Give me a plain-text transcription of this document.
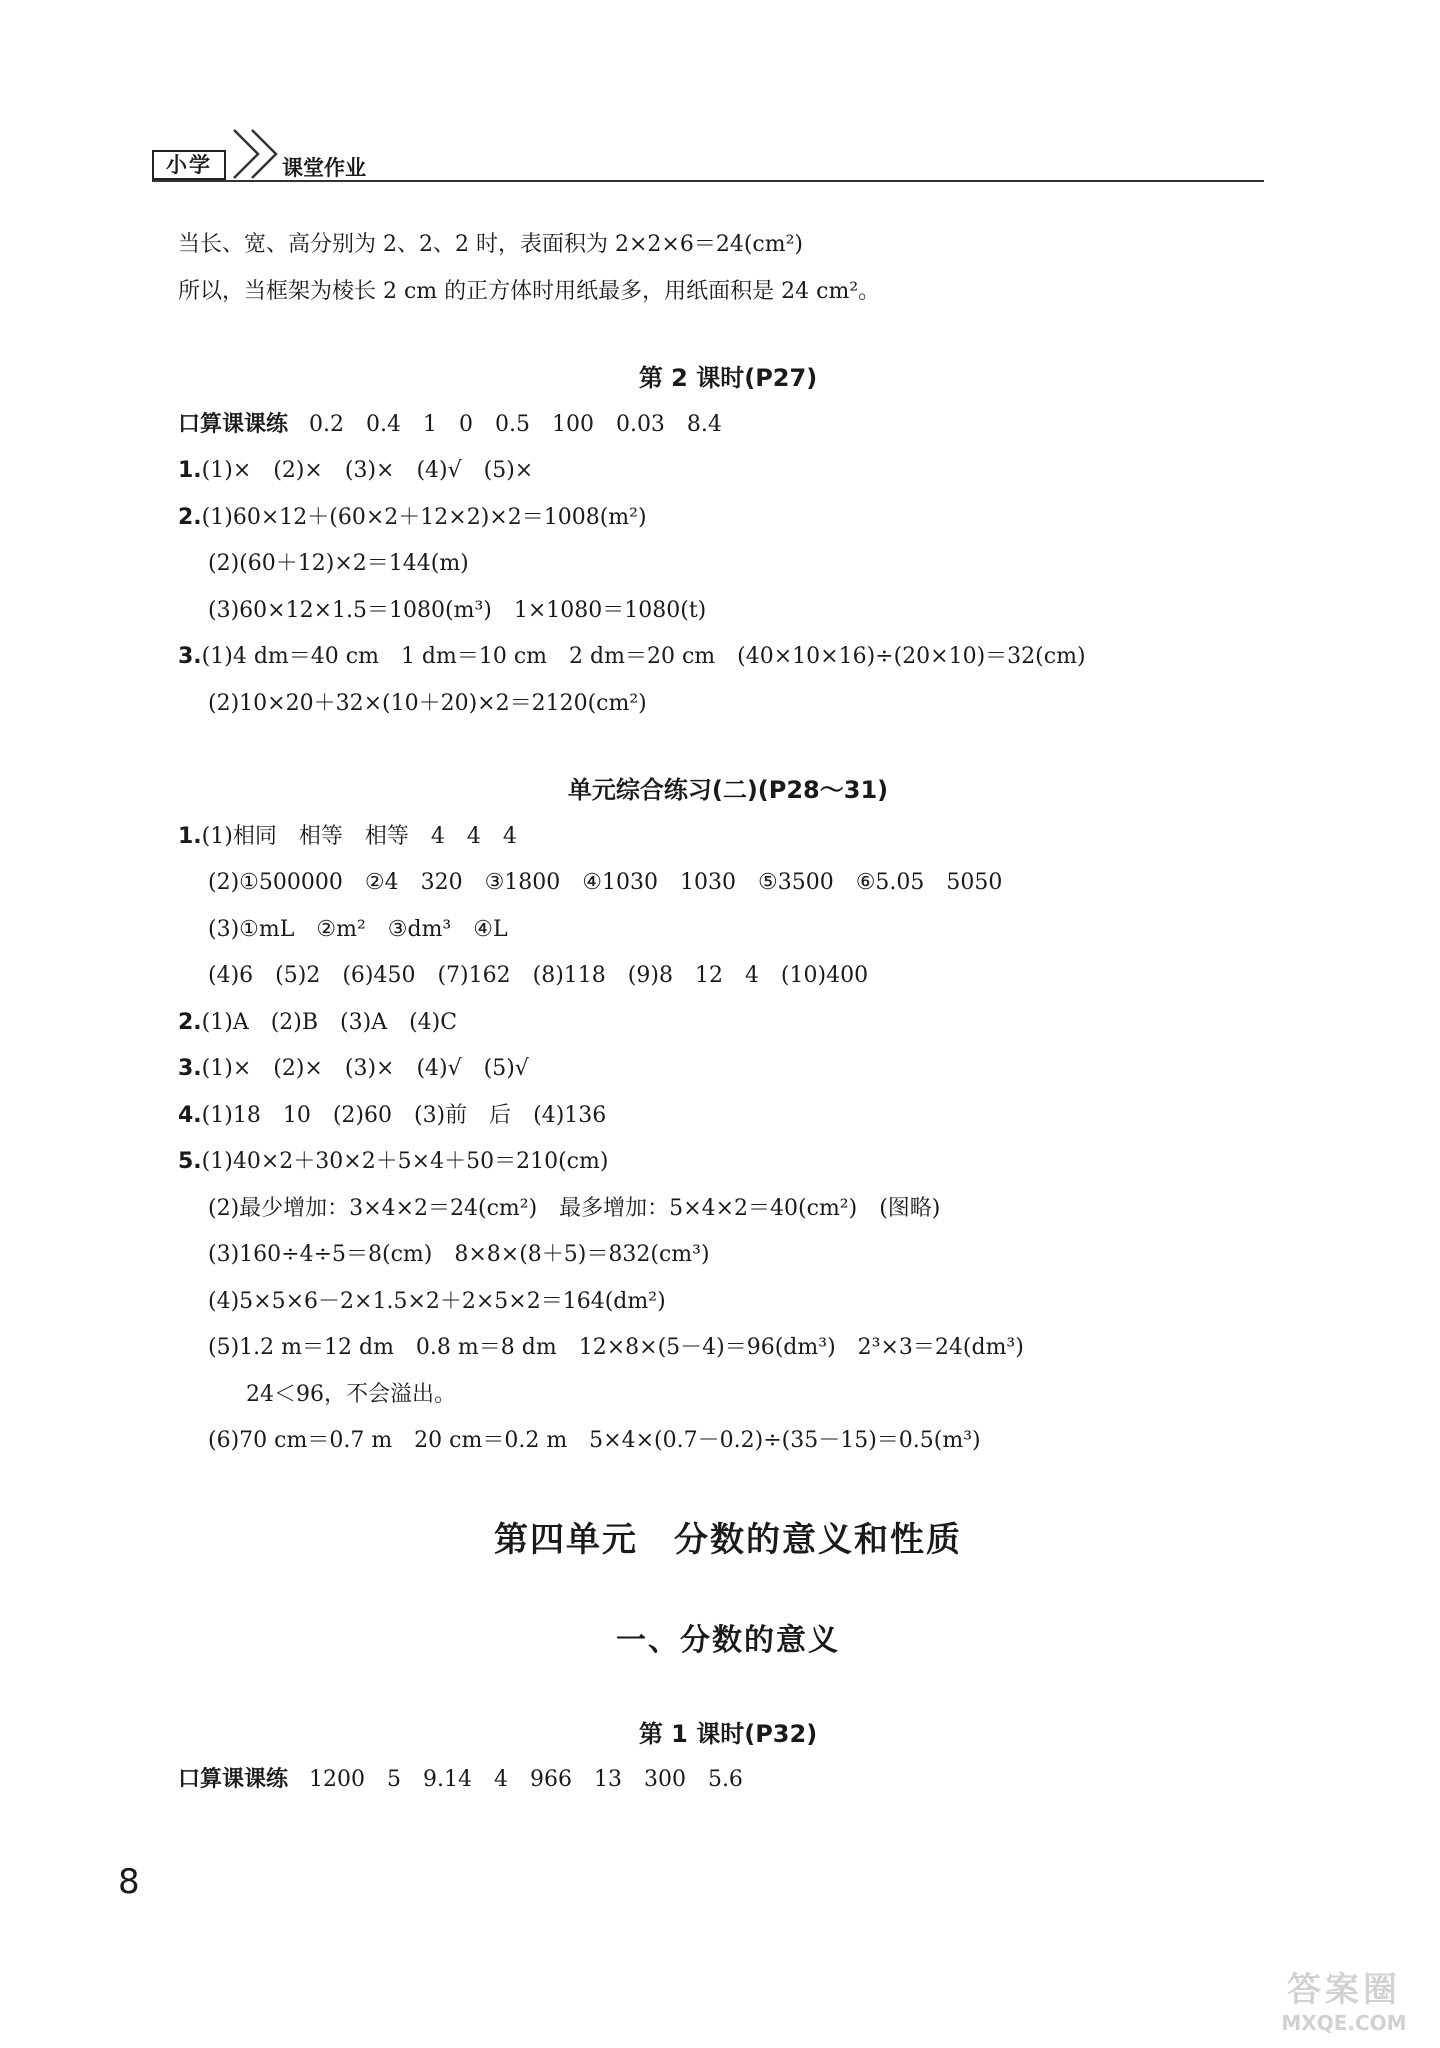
小学	课堂作业
当长、宽、高分别为 2、2、2 时，表面积为 2×2×6＝24(cm²)
所以，当框架为棱长 2 cm 的正方体时用纸最多，用纸面积是 24 cm²。
第 2 课时(P27)
口算课课练 0.2　0.4　1　0　0.5　100　0.03　8.4
1.(1)×　(2)×　(3)×　(4)√　(5)×
2.(1)60×12＋(60×2＋12×2)×2＝1008(m²)
(2)(60＋12)×2＝144(m)
(3)60×12×1.5＝1080(m³)　1×1080＝1080(t)
3.(1)4 dm＝40 cm　1 dm＝10 cm　2 dm＝20 cm　(40×10×16)÷(20×10)＝32(cm)
(2)10×20＋32×(10＋20)×2＝2120(cm²)
单元综合练习(二)(P28～31)
1.(1)相同　相等　相等　4　4　4
(2)①500000　②4　320　③1800　④1030　1030　⑤3500　⑥5.05　5050
(3)①mL　②m²　③dm³　④L
(4)6　(5)2　(6)450　(7)162　(8)118　(9)8　12　4　(10)400
2.(1)A　(2)B　(3)A　(4)C
3.(1)×　(2)×　(3)×　(4)√　(5)√
4.(1)18　10　(2)60　(3)前　后　(4)136
5.(1)40×2＋30×2＋5×4＋50＝210(cm)
(2)最少增加：3×4×2＝24(cm²)　最多增加：5×4×2＝40(cm²)　(图略)
(3)160÷4÷5＝8(cm)　8×8×(8＋5)＝832(cm³)
(4)5×5×6－2×1.5×2＋2×5×2＝164(dm²)
(5)1.2 m＝12 dm　0.8 m＝8 dm　12×8×(5－4)＝96(dm³)　2³×3＝24(dm³)
24＜96，不会溢出。
(6)70 cm＝0.7 m　20 cm＝0.2 m　5×4×(0.7－0.2)÷(35－15)＝0.5(m³)
第四单元　分数的意义和性质
一、分数的意义
第 1 课时(P32)
口算课课练 1200　5　9.14　4　966　13　300　5.6
8
答案圈
MXQE.COM
